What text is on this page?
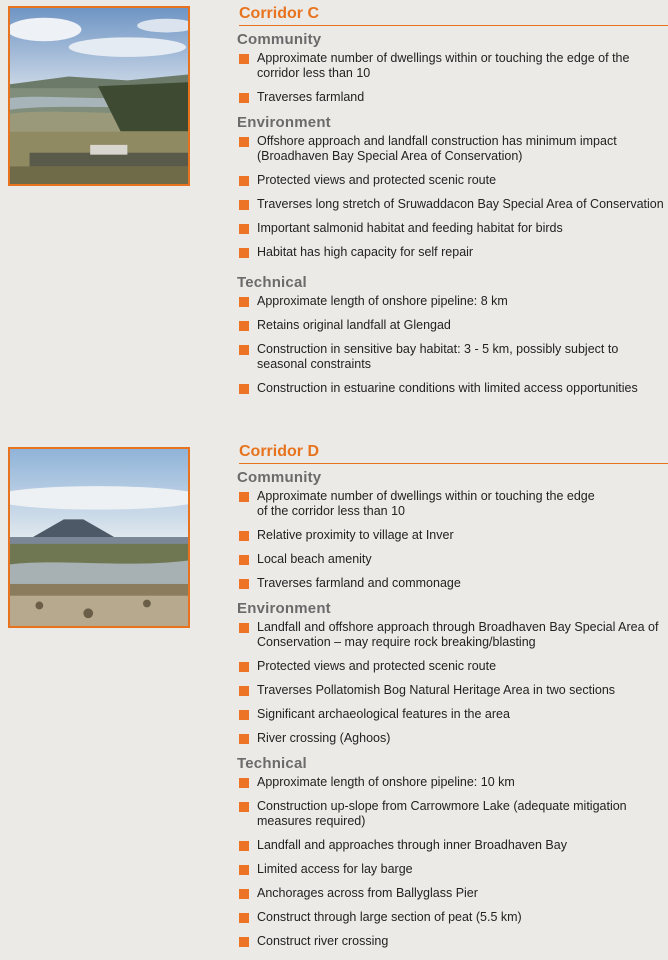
Corridor C
Community
Approximate number of dwellings within or touching the edge of the corridor less than 10
Traverses farmland
Environment
Offshore approach and landfall construction has minimum impact (Broadhaven Bay Special Area of Conservation)
Protected views and protected scenic route
Traverses long stretch of Sruwaddacon Bay Special Area of Conservation
Important salmonid habitat and feeding habitat for birds
Habitat has high capacity for self repair
Technical
Approximate length of onshore pipeline: 8 km
Retains original landfall at Glengad
Construction in sensitive bay habitat: 3 - 5 km, possibly subject to seasonal constraints
Construction in estuarine conditions with limited access opportunities
Corridor D
Community
Approximate number of dwellings within or touching the edge of the corridor less than 10
Relative proximity to village at Inver
Local beach amenity
Traverses farmland and commonage
Environment
Landfall and offshore approach through Broadhaven Bay Special Area of Conservation – may require rock breaking/blasting
Protected views and protected scenic route
Traverses Pollatomish Bog Natural Heritage Area in two sections
Significant archaeological features in the area
River crossing (Aghoos)
Technical
Approximate length of onshore pipeline: 10 km
Construction up-slope from Carrowmore Lake (adequate mitigation measures required)
Landfall and approaches through inner Broadhaven Bay
Limited access for lay barge
Anchorages across from Ballyglass Pier
Construct through large section of peat (5.5 km)
Construct river crossing
